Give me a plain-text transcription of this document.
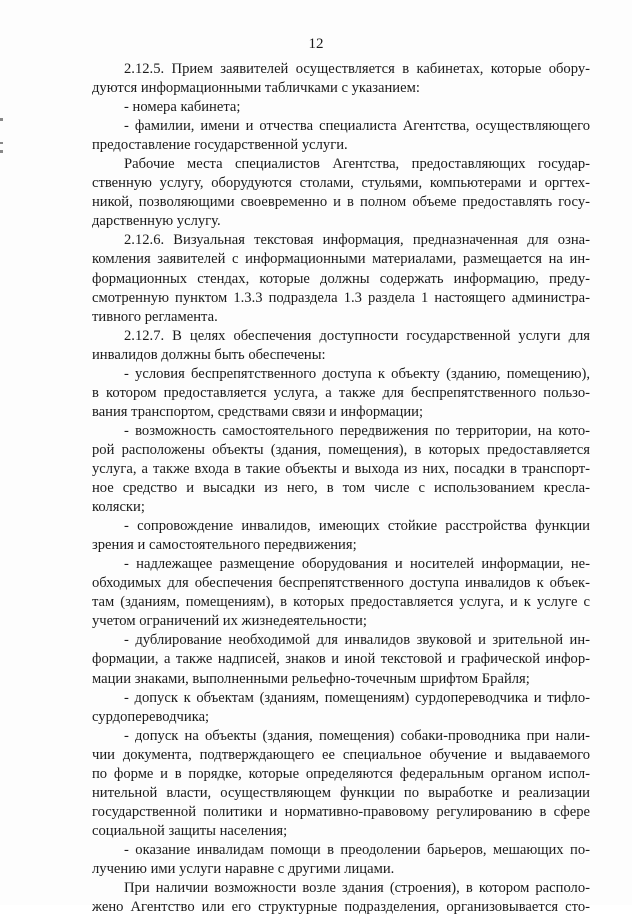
12
2.12.5. Прием заявителей осуществляется в кабинетах, которые обору-
дуются информационными табличками с указанием:
- номера кабинета;
- фамилии, имени и отчества специалиста Агентства, осуществляющего
предоставление государственной услуги.
Рабочие места специалистов Агентства, предоставляющих государ-
ственную услугу, оборудуются столами, стульями, компьютерами и оргтех-
никой, позволяющими своевременно и в полном объеме предоставлять госу-
дарственную услугу.
2.12.6. Визуальная текстовая информация, предназначенная для озна-
комления заявителей с информационными материалами, размещается на ин-
формационных стендах, которые должны содержать информацию, преду-
смотренную пунктом 1.3.3 подраздела 1.3 раздела 1 настоящего администра-
тивного регламента.
2.12.7. В целях обеспечения доступности государственной услуги для
инвалидов должны быть обеспечены:
- условия беспрепятственного доступа к объекту (зданию, помещению),
в котором предоставляется услуга, а также для беспрепятственного пользо-
вания транспортом, средствами связи и информации;
- возможность самостоятельного передвижения по территории, на кото-
рой расположены объекты (здания, помещения), в которых предоставляется
услуга, а также входа в такие объекты и выхода из них, посадки в транспорт-
ное средство и высадки из него, в том числе с использованием кресла-
коляски;
- сопровождение инвалидов, имеющих стойкие расстройства функции
зрения и самостоятельного передвижения;
- надлежащее размещение оборудования и носителей информации, не-
обходимых для обеспечения беспрепятственного доступа инвалидов к объек-
там (зданиям, помещениям), в которых предоставляется услуга, и к услуге с
учетом ограничений их жизнедеятельности;
- дублирование необходимой для инвалидов звуковой и зрительной ин-
формации, а также надписей, знаков и иной текстовой и графической инфор-
мации знаками, выполненными рельефно-точечным шрифтом Брайля;
- допуск к объектам (зданиям, помещениям) сурдопереводчика и тифло-
сурдопереводчика;
- допуск на объекты (здания, помещения) собаки-проводника при нали-
чии документа, подтверждающего ее специальное обучение и выдаваемого
по форме и в порядке, которые определяются федеральным органом испол-
нительной власти, осуществляющем функции по выработке и реализации
государственной политики и нормативно-правовому регулированию в сфере
социальной защиты населения;
- оказание инвалидам помощи в преодолении барьеров, мешающих по-
лучению ими услуги наравне с другими лицами.
При наличии возможности возле здания (строения), в котором располо-
жено Агентство или его структурные подразделения, организовывается сто-
